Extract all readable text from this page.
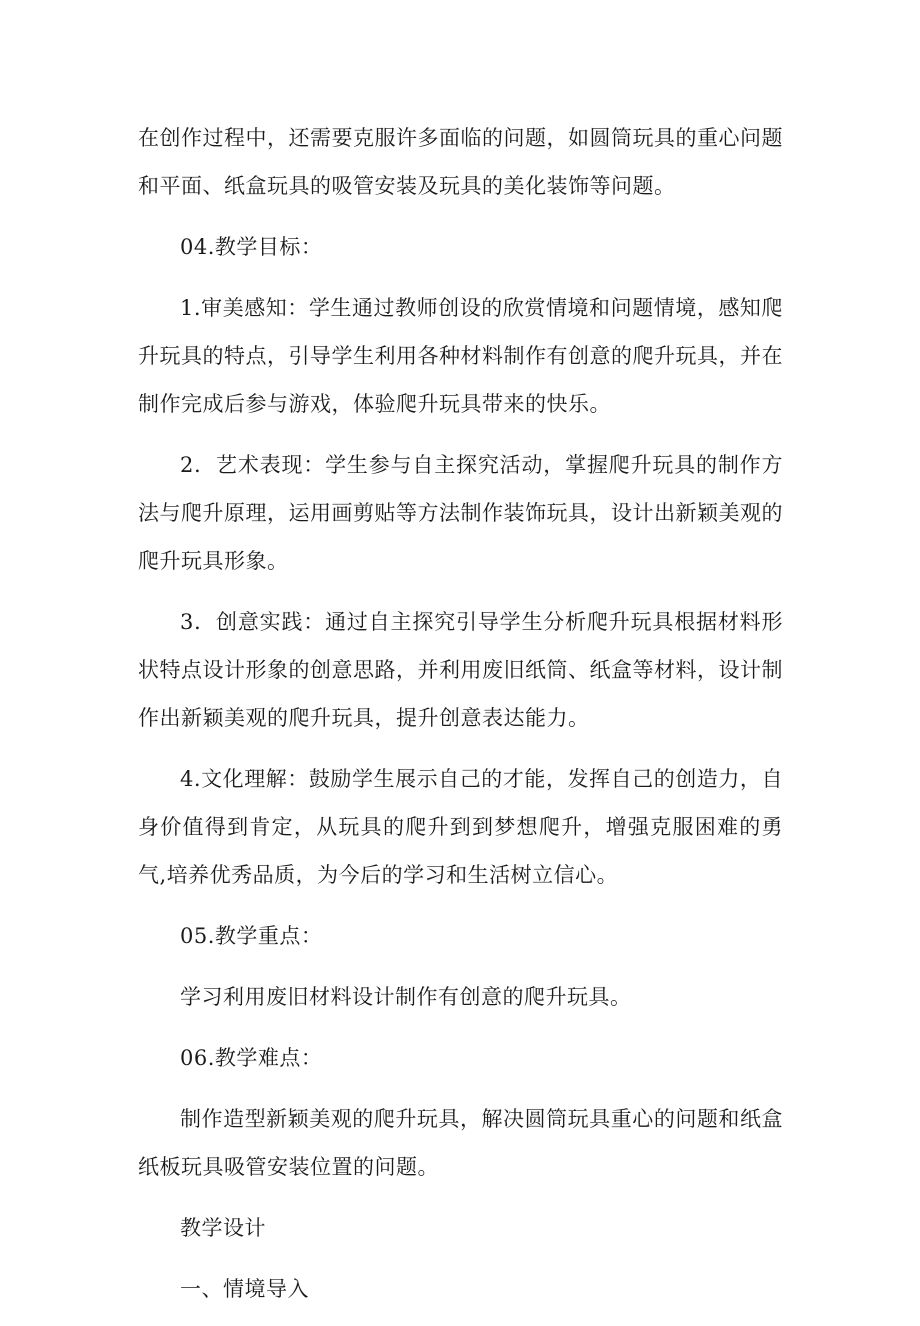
在创作过程中，还需要克服许多面临的问题，如圆筒玩具的重心问题和平面、纸盒玩具的吸管安装及玩具的美化装饰等问题。

04.教学目标：

1.审美感知：学生通过教师创设的欣赏情境和问题情境，感知爬升玩具的特点，引导学生利用各种材料制作有创意的爬升玩具，并在制作完成后参与游戏，体验爬升玩具带来的快乐。

2．艺术表现：学生参与自主探究活动，掌握爬升玩具的制作方法与爬升原理，运用画剪贴等方法制作装饰玩具，设计出新颖美观的爬升玩具形象。

3．创意实践：通过自主探究引导学生分析爬升玩具根据材料形状特点设计形象的创意思路，并利用废旧纸筒、纸盒等材料，设计制作出新颖美观的爬升玩具，提升创意表达能力。

4.文化理解：鼓励学生展示自己的才能，发挥自己的创造力，自身价值得到肯定，从玩具的爬升到到梦想爬升，增强克服困难的勇气,培养优秀品质，为今后的学习和生活树立信心。

05.教学重点：

学习利用废旧材料设计制作有创意的爬升玩具。

06.教学难点：

制作造型新颖美观的爬升玩具，解决圆筒玩具重心的问题和纸盒纸板玩具吸管安装位置的问题。

教学设计

一、情境导入
